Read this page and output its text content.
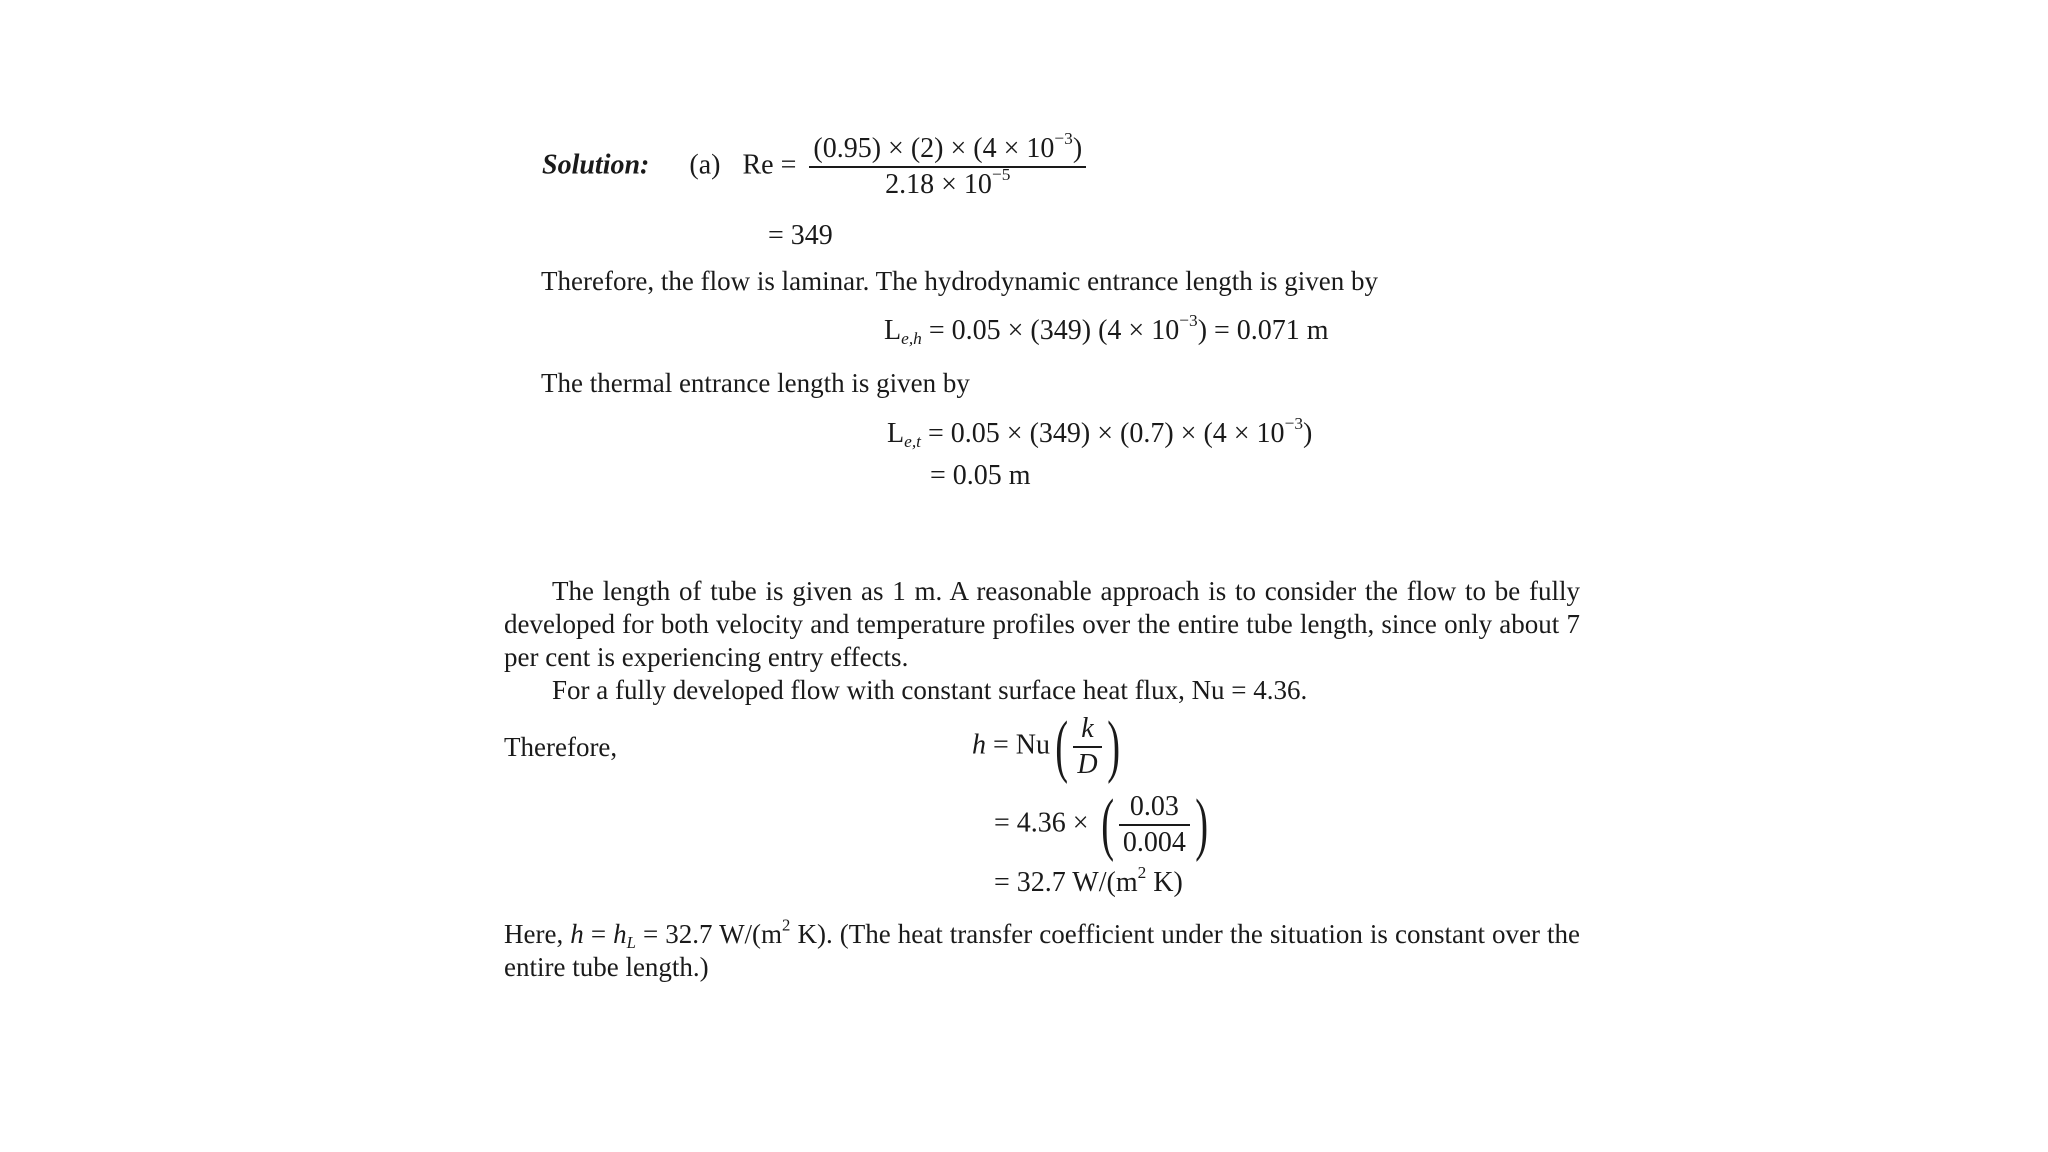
Solution: (a) $Re = \frac{(0.95) \times (2) \times (4 \times 10^{-3})}{2.18 \times 10^{-5}}$
= 349
Therefore, the flow is laminar. The hydrodynamic entrance length is given by
$L_{e,h} = 0.05 \times (349) (4 \times 10^{-3}) = 0.071$ m
The thermal entrance length is given by
$L_{e,t} = 0.05 \times (349) \times (0.7) \times (4 \times 10^{-3})$
= 0.05 m

The length of tube is given as 1 m. A reasonable approach is to consider the flow to be fully developed for both velocity and temperature profiles over the entire tube length, since only about 7 per cent is experiencing entry effects.

For a fully developed flow with constant surface heat flux, Nu = 4.36.

Therefore,	$h = Nu( \frac{k}{D}$ )
= 4.36 × ( $\frac{0.03}{0.004}$ )
= 32.7 $W/(m^2$ K)

Here, $h = h_L = 32.7$ $W/(m^2$ K). (The heat transfer coefficient under the situation is constant over the entire tube length.)
